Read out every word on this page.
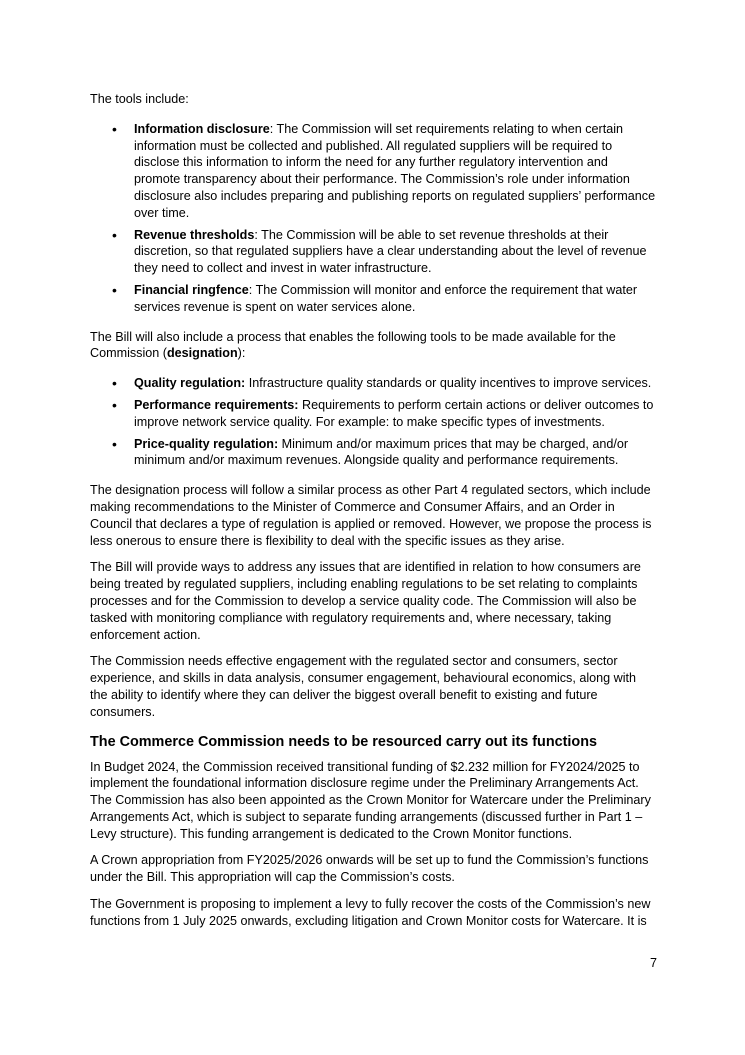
The tools include:

• Information disclosure: The Commission will set requirements relating to when certain information must be collected and published. All regulated suppliers will be required to disclose this information to inform the need for any further regulatory intervention and promote transparency about their performance. The Commission’s role under information disclosure also includes preparing and publishing reports on regulated suppliers’ performance over time.
• Revenue thresholds: The Commission will be able to set revenue thresholds at their discretion, so that regulated suppliers have a clear understanding about the level of revenue they need to collect and invest in water infrastructure.
• Financial ringfence: The Commission will monitor and enforce the requirement that water services revenue is spent on water services alone.

The Bill will also include a process that enables the following tools to be made available for the Commission (designation):

• Quality regulation: Infrastructure quality standards or quality incentives to improve services.
• Performance requirements: Requirements to perform certain actions or deliver outcomes to improve network service quality. For example: to make specific types of investments.
• Price-quality regulation: Minimum and/or maximum prices that may be charged, and/or minimum and/or maximum revenues. Alongside quality and performance requirements.

The designation process will follow a similar process as other Part 4 regulated sectors, which include making recommendations to the Minister of Commerce and Consumer Affairs, and an Order in Council that declares a type of regulation is applied or removed. However, we propose the process is less onerous to ensure there is flexibility to deal with the specific issues as they arise.

The Bill will provide ways to address any issues that are identified in relation to how consumers are being treated by regulated suppliers, including enabling regulations to be set relating to complaints processes and for the Commission to develop a service quality code. The Commission will also be tasked with monitoring compliance with regulatory requirements and, where necessary, taking enforcement action.

The Commission needs effective engagement with the regulated sector and consumers, sector experience, and skills in data analysis, consumer engagement, behavioural economics, along with the ability to identify where they can deliver the biggest overall benefit to existing and future consumers.

The Commerce Commission needs to be resourced carry out its functions

In Budget 2024, the Commission received transitional funding of $2.232 million for FY2024/2025 to implement the foundational information disclosure regime under the Preliminary Arrangements Act. The Commission has also been appointed as the Crown Monitor for Watercare under the Preliminary Arrangements Act, which is subject to separate funding arrangements (discussed further in Part 1 – Levy structure). This funding arrangement is dedicated to the Crown Monitor functions.

A Crown appropriation from FY2025/2026 onwards will be set up to fund the Commission’s functions under the Bill. This appropriation will cap the Commission’s costs.

The Government is proposing to implement a levy to fully recover the costs of the Commission’s new functions from 1 July 2025 onwards, excluding litigation and Crown Monitor costs for Watercare. It is

7
